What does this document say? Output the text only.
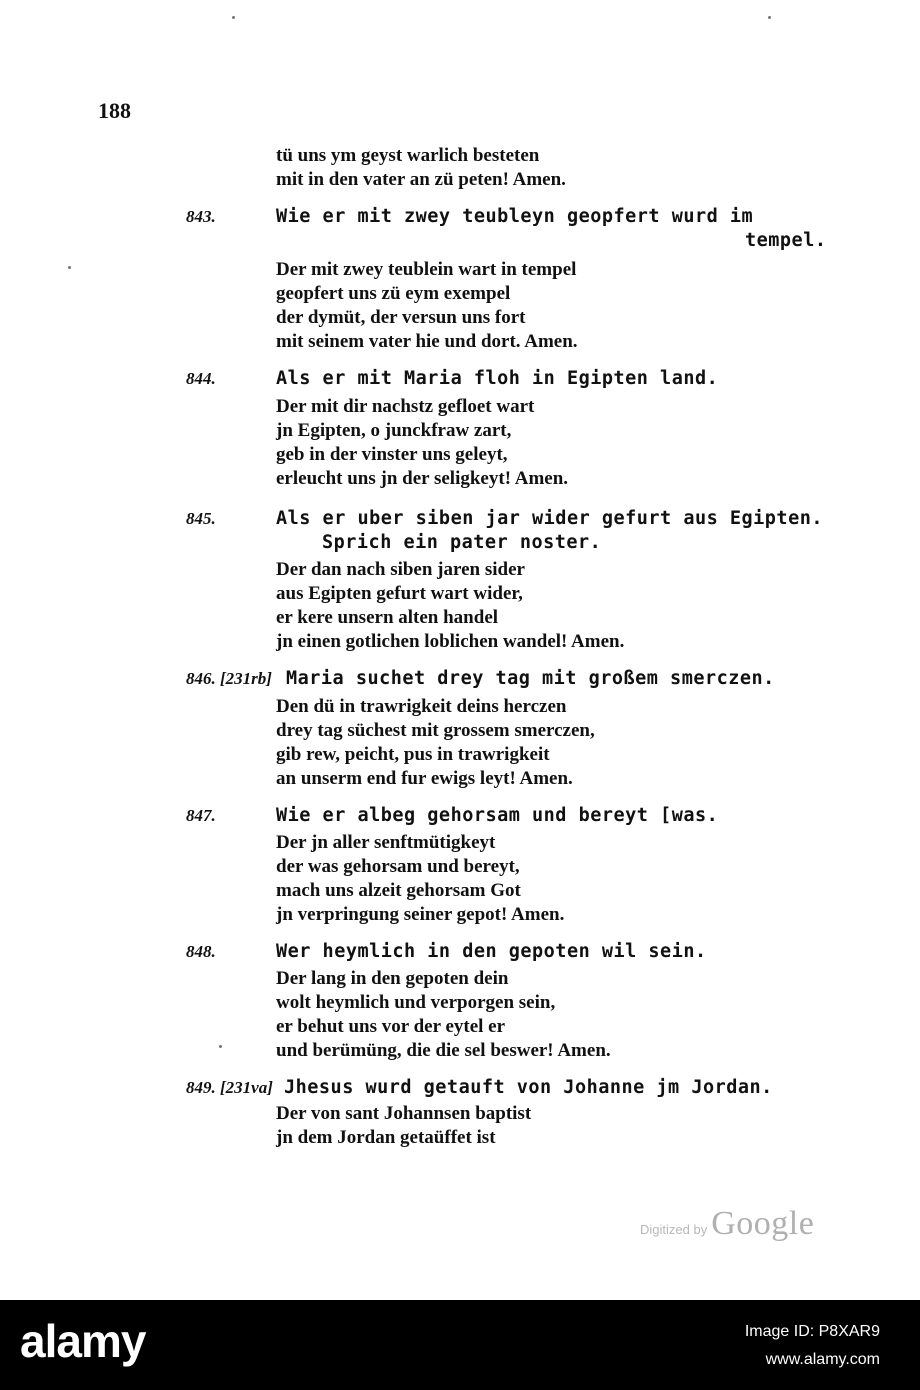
188
tü uns ym geyst warlich besteten
mit in den vater an zü peten! Amen.
843.	Wie er mit zwey teubleyn geopfert wurd im
tempel.
Der mit zwey teublein wart in tempel
geopfert uns zü eym exempel
der dymüt, der versun uns fort
mit seinem vater hie und dort. Amen.
844.	Als er mit Maria floh in Egipten land.
Der mit dir nachstz gefloet wart
jn Egipten, o junckfraw zart,
geb in der vinster uns geleyt,
erleucht uns jn der seligkeyt! Amen.
845.	Als er uber siben jar wider gefurt aus Egipten.
Sprich ein pater noster.
Der dan nach siben jaren sider
aus Egipten gefurt wart wider,
er kere unsern alten handel
jn einen gotlichen loblichen wandel! Amen.
846. [231rb] Maria suchet drey tag mit großem smerczen.
Den dü in trawrigkeit deins herczen
drey tag süchest mit grossem smerczen,
gib rew, peicht, pus in trawrigkeit
an unserm end fur ewigs leyt! Amen.
847.	Wie er albeg gehorsam und bereyt [was.
Der jn aller senftmütigkeyt
der was gehorsam und bereyt,
mach uns alzeit gehorsam Got
jn verpringung seiner gepot! Amen.
848.	Wer heymlich in den gepoten wil sein.
Der lang in den gepoten dein
wolt heymlich und verporgen sein,
er behut uns vor der eytel er
und berümüng, die die sel beswer! Amen.
849. [231va] Jhesus wurd getauft von Johanne jm Jordan.
Der von sant Johannsen baptist
jn dem Jordan getaüffet ist
Digitized by Google
alamy	Image ID: P8XAR9
www.alamy.com
